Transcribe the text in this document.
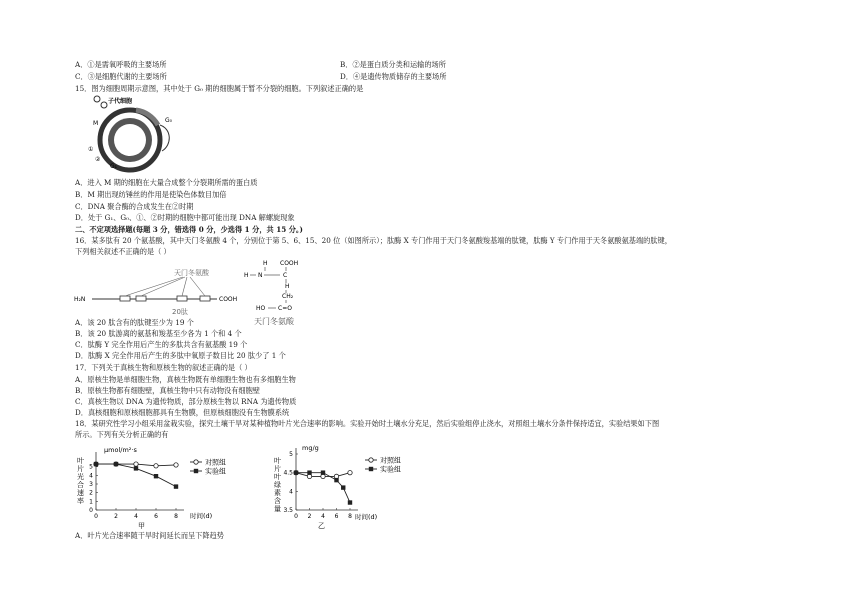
A．①是需氧呼吸的主要场所	B．②是蛋白质分类和运输的场所
C．③是细胞代谢的主要场所	D．④是遗传物质储存的主要场所
15．图为细胞周期示意图，其中处于 G₀ 期的细胞属于暂不分裂的细胞。下列叙述正确的是
子代细胞
M	G₀
①
②
G₁
A．进入 M 期的细胞在大量合成整个分裂期所需的蛋白质
B．M 期出现纺锤丝的作用是使染色体数目加倍
C．DNA 聚合酶的合成发生在②时期
D．处于 G₁、G₀、①、②时期的细胞中都可能出现 DNA 解螺旋现象
二、不定项选择题(每题 3 分，错选得 0 分，少选得 1 分，共 15 分。)
16．某多肽有 20 个氨基酸，其中天门冬氨酸 4 个，分别位于第 5、6、15、20 位（如图所示）；肽酶 X 专门作用于天门冬氨酸羧基端的肽键，肽酶 Y 专门作用于天冬氨酸氨基端的肽键，
下列相关叙述不正确的是（ ）
H₂N	COOH
天门冬氨酸
20肽
H COOH
H N	C
H
CH₂
HO C=O
天门冬氨酸
A．该 20 肽含有的肽键至少为 19 个
B．该 20 肽游离的氨基和羧基至少各为 1 个和 4 个
C．肽酶 Y 完全作用后产生的多肽共含有氨基酸 19 个
D．肽酶 X 完全作用后产生的多肽中氧原子数目比 20 肽少了 1 个
17．下列关于真核生物和原核生物的叙述正确的是（ ）
A．原核生物是单细胞生物，真核生物既有单细胞生物也有多细胞生物
B．原核生物都有细胞壁，真核生物中只有动物没有细胞壁
C．真核生物以 DNA 为遗传物质，部分原核生物以 RNA 为遗传物质
D．真核细胞和原核细胞都具有生物膜，但原核细胞没有生物膜系统
18．某研究性学习小组采用盆栽实验，探究土壤干旱对某种植物叶片光合速率的影响。实验开始时土壤水分充足，然后实验组停止浇水，对照组土壤水分条件保持适宜，实验结果如下图
所示。下列有关分析正确的有
μmol/m²·s
时间(d)
甲
叶片光合速率
0
1
2
3
4
5
0	2	4	6	8
对照组
实验组
mg/g
时间(d)
乙
叶片叶绿素含量 3.5
4
4.5
5
0 2 4 6 8
对照组
实验组
A．叶片光合速率随干旱时间延长而呈下降趋势
